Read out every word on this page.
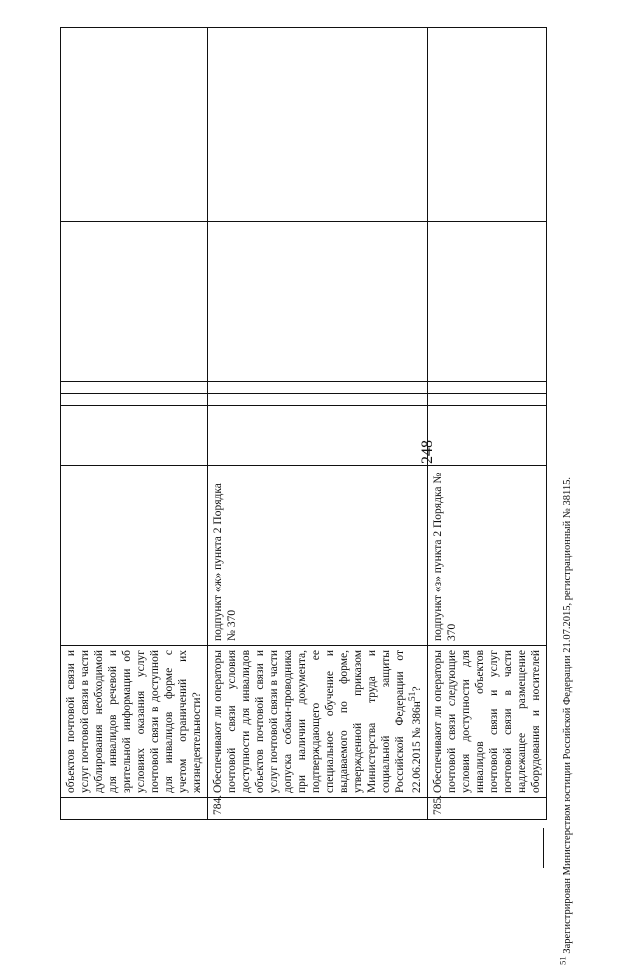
248
	объектов почтовой связи и услуг почтовой связи в части дублирования необходимой для инвалидов речевой и зрительной информации об условиях оказания услуг почтовой связи в доступной для инвалидов форме с учетом ограничений их жизнедеятельности?						
784.	Обеспечивают ли операторы почтовой связи условия доступности для инвалидов объектов почтовой связи и услуг почтовой связи в части допуска собаки-проводника при наличии документа, подтверждающего ее специальное обучение и выдаваемого по форме, утвержденной приказом Министерства труда и социальной защиты Российской Федерации от 22.06.2015 № $386н^{51}$?	подпункт «ж» пункта 2 Порядка № 370					
785.	Обеспечивают ли операторы почтовой связи следующие условия доступности для инвалидов объектов почтовой связи и услуг почтовой связи в части надлежащее размещение оборудования и носителей	подпункт «з» пункта 2 Порядка № 370					
$^{51}$ Зарегистрирован Министерством юстиции Российской Федерации 21.07.2015, регистрационный № 38115.
